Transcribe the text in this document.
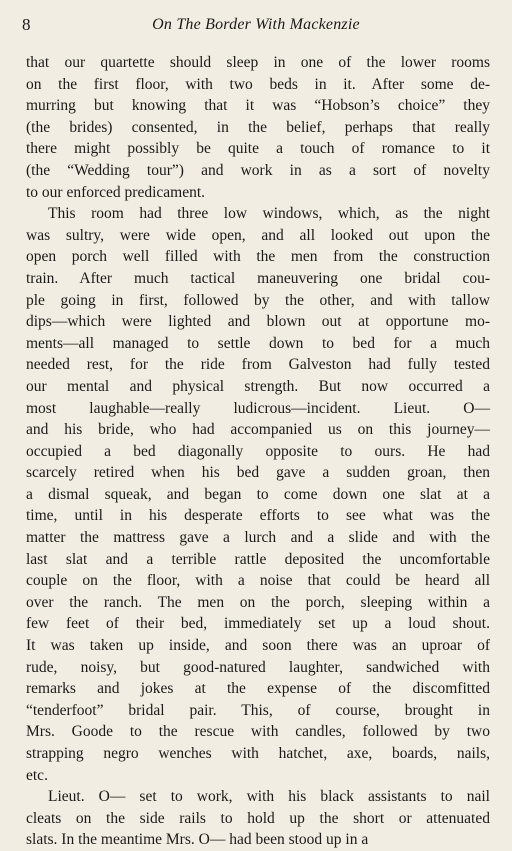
8	On The Border With Mackenzie

that our quartette should sleep in one of the lower rooms
on the first floor, with two beds in it. After some de-
murring but knowing that it was “Hobson’s choice” they
(the brides) consented, in the belief, perhaps that really
there might possibly be quite a touch of romance to it
(the “Wedding tour”) and work in as a sort of novelty
to our enforced predicament.

This room had three low windows, which, as the night
was sultry, were wide open, and all looked out upon the
open porch well filled with the men from the construction
train. After much tactical maneuvering one bridal cou-
ple going in first, followed by the other, and with tallow
dips—which were lighted and blown out at opportune mo-
ments—all managed to settle down to bed for a much
needed rest, for the ride from Galveston had fully tested
our mental and physical strength. But now occurred a
most laughable—really ludicrous—incident. Lieut. O—
and his bride, who had accompanied us on this journey—
occupied a bed diagonally opposite to ours. He had
scarcely retired when his bed gave a sudden groan, then
a dismal squeak, and began to come down one slat at a
time, until in his desperate efforts to see what was the
matter the mattress gave a lurch and a slide and with the
last slat and a terrible rattle deposited the uncomfortable
couple on the floor, with a noise that could be heard all
over the ranch. The men on the porch, sleeping within a
few feet of their bed, immediately set up a loud shout.
It was taken up inside, and soon there was an uproar of
rude, noisy, but good-natured laughter, sandwiched with
remarks and jokes at the expense of the discomfitted
“tenderfoot” bridal pair. This, of course, brought in
Mrs. Goode to the rescue with candles, followed by two
strapping negro wenches with hatchet, axe, boards, nails,
etc.

Lieut. O— set to work, with his black assistants to nail
cleats on the side rails to hold up the short or attenuated
slats. In the meantime Mrs. O— had been stood up in a
